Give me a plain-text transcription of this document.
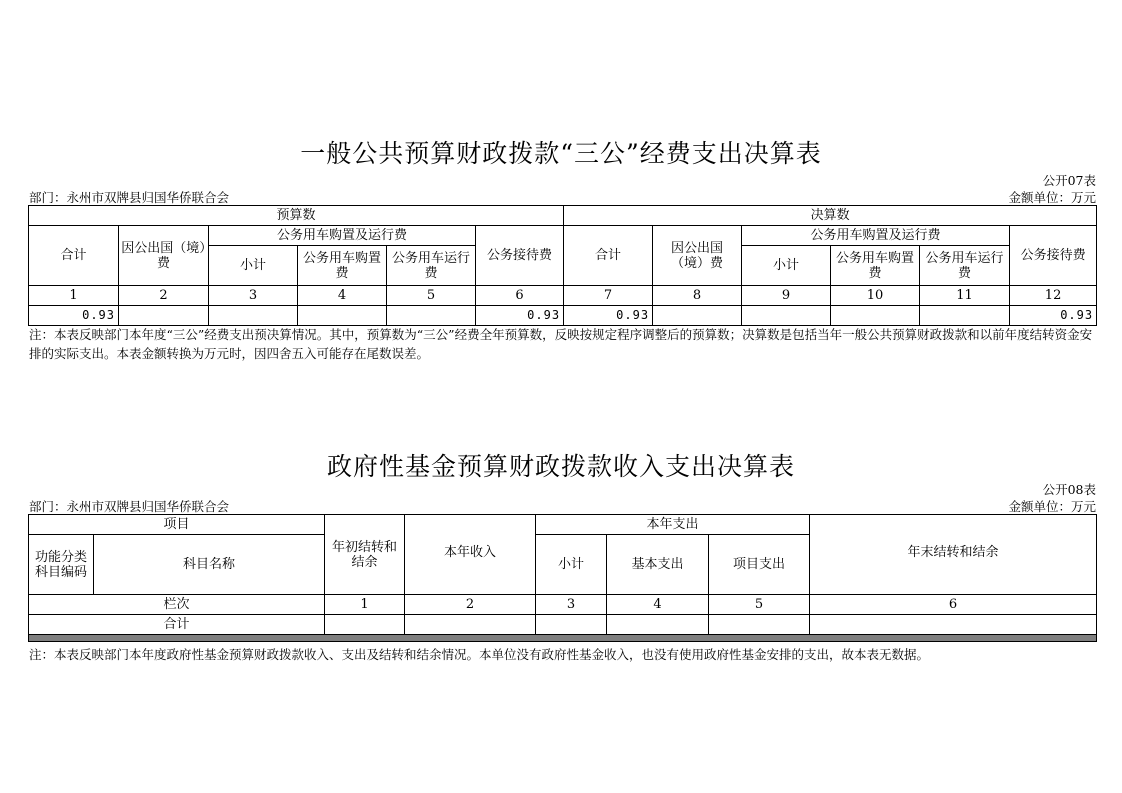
一般公共预算财政拨款“三公”经费支出决算表
公开07表
部门：永州市双牌县归国华侨联合会	金额单位：万元
预算数						决算数					
合计	因公出国（境）费	公务用车购置及运行费			公务接待费	合计	因公出国（境）费	公务用车购置及运行费			公务接待费
		小计	公务用车购置费	公务用车运行费				小计	公务用车购置费	公务用车运行费	
1	2	3	4	5	6	7	8	9	10	11	12
0.93					0.93	0.93					0.93
注：本表反映部门本年度“三公”经费支出预决算情况。其中，预算数为“三公”经费全年预算数，反映按规定程序调整后的预算数；决算数是包括当年一般公共预算财政拨款和以前年度结转资金安排的实际支出。本表金额转换为万元时，因四舍五入可能存在尾数误差。
政府性基金预算财政拨款收入支出决算表
公开08表
部门：永州市双牌县归国华侨联合会	金额单位：万元
项目		年初结转和结余	本年收入	本年支出			年末结转和结余
功能分类科目编码	科目名称			小计	基本支出	项目支出	
栏次		1	2	3	4	5	6
合计							

注：本表反映部门本年度政府性基金预算财政拨款收入、支出及结转和结余情况。本单位没有政府性基金收入，也没有使用政府性基金安排的支出，故本表无数据。
